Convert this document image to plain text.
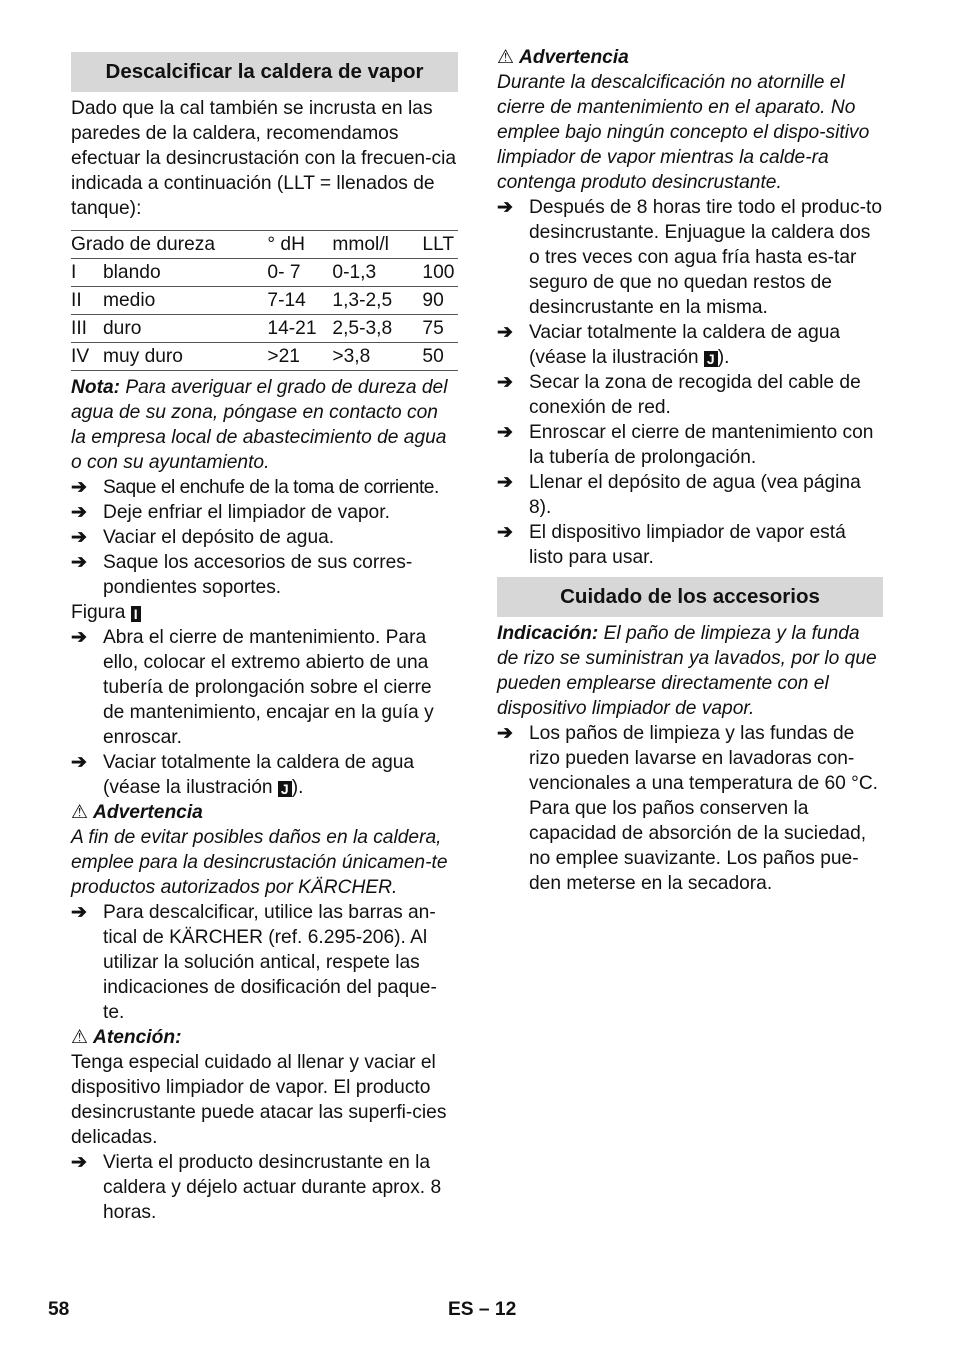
Descalcificar la caldera de vapor

Dado que la cal también se incrusta en las paredes de la caldera, recomendamos efectuar la desincrustación con la frecuen-cia indicada a continuación (LLT = llenados de tanque):

Grado de dureza		° dH	mmol/l	LLT
I	blando	0- 7	0-1,3	100
II	medio	7-14	1,3-2,5	90
III	duro	14-21	2,5-3,8	75
IV	muy duro	>21	>3,8	50

Nota: Para averiguar el grado de dureza del agua de su zona, póngase en contacto con la empresa local de abastecimiento de agua o con su ayuntamiento.

➔ Saque el enchufe de la toma de corriente.
➔ Deje enfriar el limpiador de vapor.
➔ Vaciar el depósito de agua.
➔ Saque los accesorios de sus corres-pondientes soportes.

Figura I

➔ Abra el cierre de mantenimiento. Para ello, colocar el extremo abierto de una tubería de prolongación sobre el cierre de mantenimiento, encajar en la guía y enroscar.
➔ Vaciar totalmente la caldera de agua (véase la ilustración J ).

⚠ Advertencia

A fin de evitar posibles daños en la caldera, emplee para la desincrustación únicamen-te productos autorizados por KÄRCHER.

➔ Para descalcificar, utilice las barras an-tical de KÄRCHER (ref. 6.295-206). Al utilizar la solución antical, respete las indicaciones de dosificación del paque-te.

⚠ Atención:

Tenga especial cuidado al llenar y vaciar el dispositivo limpiador de vapor. El producto desincrustante puede atacar las superfi-cies delicadas.

➔ Vierta el producto desincrustante en la caldera y déjelo actuar durante aprox. 8 horas.

⚠ Advertencia

Durante la descalcificación no atornille el cierre de mantenimiento en el aparato. No emplee bajo ningún concepto el dispo-sitivo limpiador de vapor mientras la calde-ra contenga produto desincrustante.

➔ Después de 8 horas tire todo el produc-to desincrustante. Enjuague la caldera dos o tres veces con agua fría hasta es-tar seguro de que no quedan restos de desincrustante en la misma.
➔ Vaciar totalmente la caldera de agua (véase la ilustración J ).
➔ Secar la zona de recogida del cable de conexión de red.
➔ Enroscar el cierre de mantenimiento con la tubería de prolongación.
➔ Llenar el depósito de agua (vea página 8).
➔ El dispositivo limpiador de vapor está listo para usar.
Cuidado de los accesorios

Indicación: El paño de limpieza y la funda de rizo se suministran ya lavados, por lo que pueden emplearse directamente con el dispositivo limpiador de vapor.

➔ Los paños de limpieza y las fundas de rizo pueden lavarse en lavadoras con-vencionales a una temperatura de 60 °C. Para que los paños conserven la capacidad de absorción de la suciedad, no emplee suavizante. Los paños pue-den meterse en la secadora.
58	ES – 12
